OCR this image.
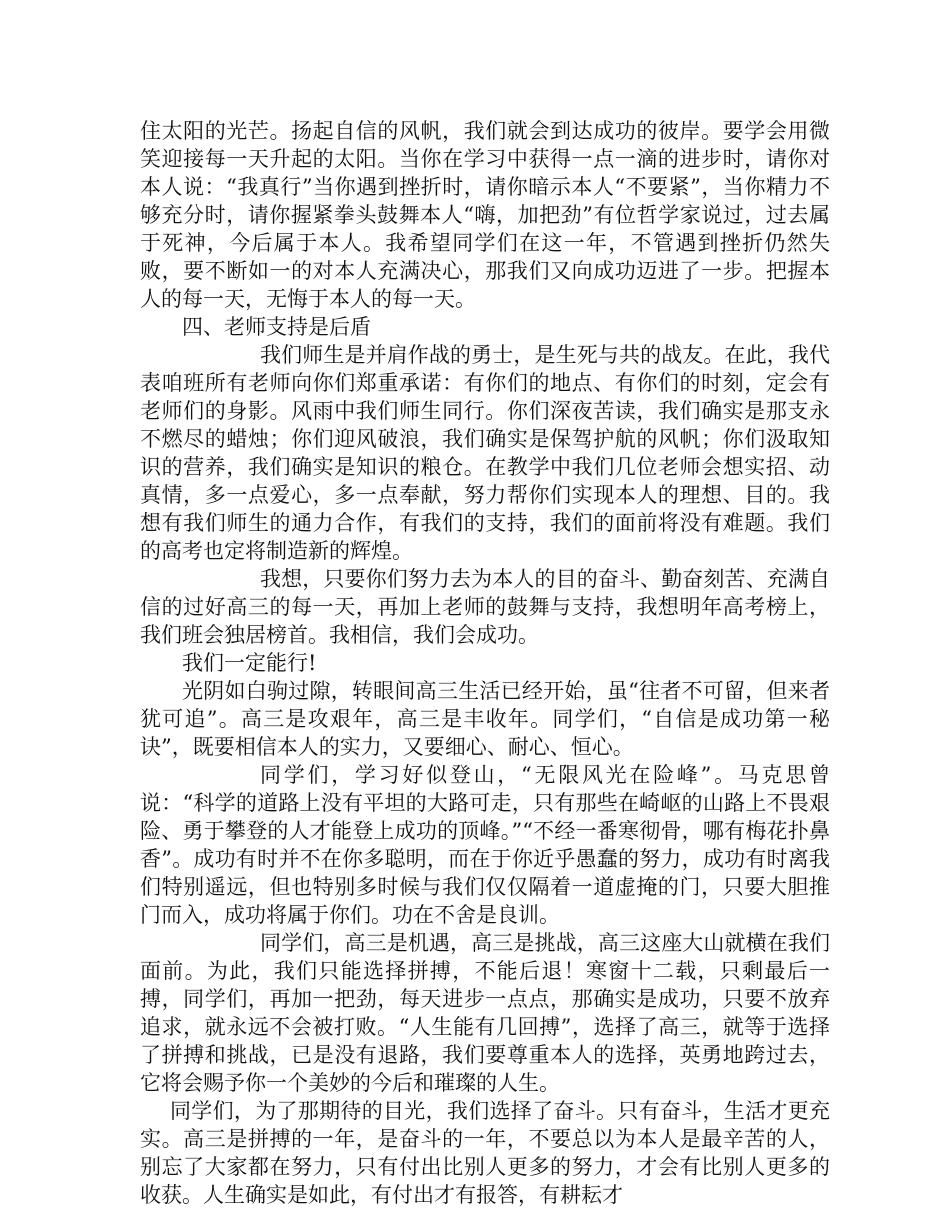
住太阳的光芒。扬起自信的风帆，我们就会到达成功的彼岸。要学会用微笑迎接每一天升起的太阳。当你在学习中获得一点一滴的进步时，请你对本人说：“我真行”当你遇到挫折时，请你暗示本人“不要紧”，当你精力不够充分时，请你握紧拳头鼓舞本人“嗨，加把劲”有位哲学家说过，过去属于死神，今后属于本人。我希望同学们在这一年，不管遇到挫折仍然失败，要不断如一的对本人充满决心，那我们又向成功迈进了一步。把握本人的每一天，无悔于本人的每一天。

四、老师支持是后盾

我们师生是并肩作战的勇士，是生死与共的战友。在此，我代表咱班所有老师向你们郑重承诺：有你们的地点、有你们的时刻，定会有老师们的身影。风雨中我们师生同行。你们深夜苦读，我们确实是那支永不燃尽的蜡烛；你们迎风破浪，我们确实是保驾护航的风帆；你们汲取知识的营养，我们确实是知识的粮仓。在教学中我们几位老师会想实招、动真情，多一点爱心，多一点奉献，努力帮你们实现本人的理想、目的。我想有我们师生的通力合作，有我们的支持，我们的面前将没有难题。我们的高考也定将制造新的辉煌。

我想，只要你们努力去为本人的目的奋斗、勤奋刻苦、充满自信的过好高三的每一天，再加上老师的鼓舞与支持，我想明年高考榜上，我们班会独居榜首。我相信，我们会成功。

我们一定能行!

光阴如白驹过隙，转眼间高三生活已经开始，虽“往者不可留，但来者犹可追”。高三是攻艰年，高三是丰收年。同学们，“自信是成功第一秘诀”，既要相信本人的实力，又要细心、耐心、恒心。

同学们，学习好似登山，“无限风光在险峰”。马克思曾说：“科学的道路上没有平坦的大路可走，只有那些在崎岖的山路上不畏艰险、勇于攀登的人才能登上成功的顶峰。”“不经一番寒彻骨，哪有梅花扑鼻香”。成功有时并不在你多聪明，而在于你近乎愚蠢的努力，成功有时离我们特别遥远，但也特别多时候与我们仅仅隔着一道虚掩的门，只要大胆推门而入，成功将属于你们。功在不舍是良训。

同学们，高三是机遇，高三是挑战，高三这座大山就横在我们面前。为此，我们只能选择拼搏，不能后退！寒窗十二载，只剩最后一搏，同学们，再加一把劲，每天进步一点点，那确实是成功，只要不放弃追求，就永远不会被打败。“人生能有几回搏”，选择了高三，就等于选择了拼搏和挑战，已是没有退路，我们要尊重本人的选择，英勇地跨过去，它将会赐予你一个美妙的今后和璀璨的人生。

同学们，为了那期待的目光，我们选择了奋斗。只有奋斗，生活才更充实。高三是拼搏的一年，是奋斗的一年，不要总以为本人是最辛苦的人，别忘了大家都在努力，只有付出比别人更多的努力，才会有比别人更多的收获。人生确实是如此，有付出才有报答，有耕耘才
